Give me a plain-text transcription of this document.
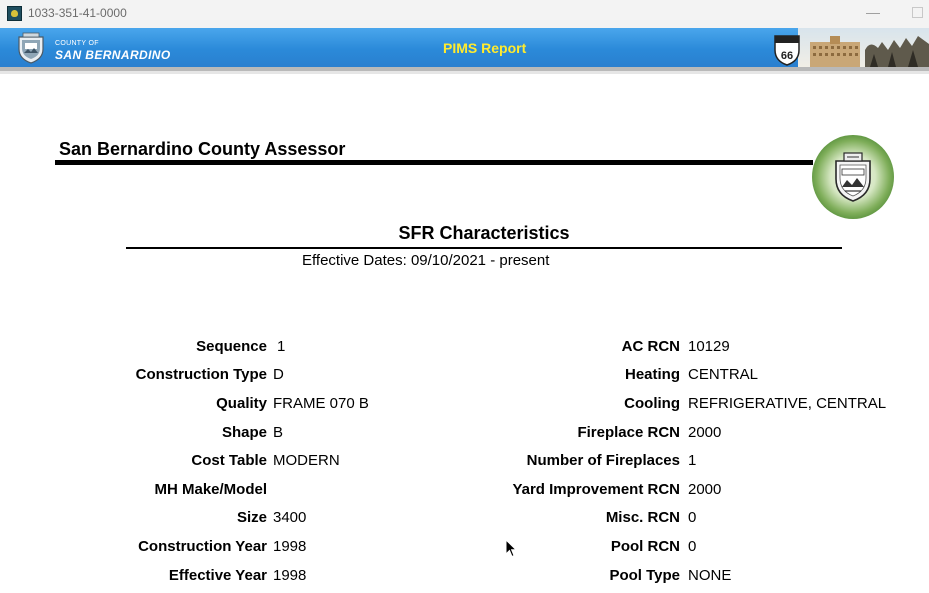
1033-351-41-0000	—
COUNTY OF
SAN BERNARDINO	PIMS Report	66
San Bernardino County Assessor
SFR Characteristics
Effective Dates: 09/10/2021 - present
Sequence 1
Construction Type D
Quality FRAME 070 B
Shape B
Cost Table MODERN
MH Make/Model
Size 3400
Construction Year 1998
Effective Year 1998
AC RCN 10129
Heating CENTRAL
Cooling REFRIGERATIVE, CENTRAL
Fireplace RCN 2000
Number of Fireplaces 1
Yard Improvement RCN 2000
Misc. RCN 0
Pool RCN 0
Pool Type NONE
